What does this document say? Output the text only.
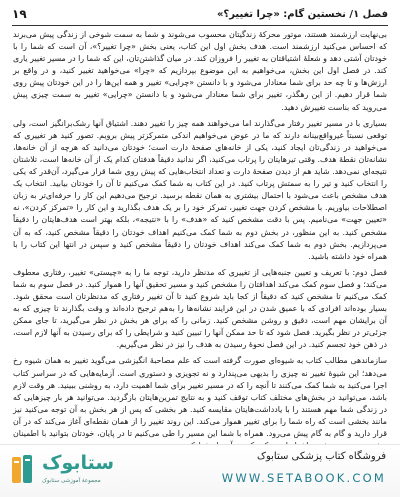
۱۹	فصل ۱/ نخستین گام: «چرا تغییر؟»

بی‌نهایت ارزشمند هستند، موتور محرکهٔ زندگیتان محسوب می‌شوند و شما به سمت شوخی از زندگی پیش می‌برند که احساس می‌کنید ارزشمند است. هدف بخش اول این کتاب، یعنی بخش «چرا تغییر؟»، آن است که شما را با خودتان آشتی دهد و شعلهٔ اشتیاقتان به تغییر را فروزان کند. در میان گذاشتن‌تان، این که شما را در مسیر تغییر یاری کند. در فصل اول این بخش، می‌خواهیم به این موضوع بپردازیم که «چرا» می‌خواهید تغییر کنید، و در واقع بر ارزش‌ها و تا چه حد برای شما معنادار می‌شود و با دانستن «چرایی» تغییر و همه این‌ها را در این خودتان پیش روی شما قرار دهیم. از این رهگذر، تغییر برای شما معنادار می‌شود و با دانستن «چرایی» تغییر به سمت چیزی پیش می‌روید که بناست تغییرش دهید.

بسیاری با در مسیر تغییر رفتار می‌گذارند اما می‌خواهند همه چیز را تغییر دهند. اشتیاق آنها رشک‌برانگیز است، ولی توقعی نسبتاً غیرواقع‌بینانه دارند که ما در عوض می‌خواهیم اندکی متمرکزتر پیش برویم. تصور کنید هر تغییری که می‌خواهید در زندگی‌تان ایجاد کنید، یکی از خانه‌های صفحهٔ دارت است؛ خودتان می‌دانید که هرچه از آن خانه‌ها، نشانه‌تان نقطهٔ هدف. وقتی تیرهایتان را پرتاب می‌کنید، اگر ندانید دقیقاً هدفتان کدام یک از آن خانه‌ها است، تلاشتان نتیجه‌ای نمی‌دهد. شاید هم از دیدن صفحهٔ دارت و تعداد انتخاب‌هایی که پیش روی شما قرار می‌گیرد، آن‌قدر که یکی را انتخاب کنید و تیر را به سمتش پرتاب کنید. در این کتاب به شما کمک می‌کنیم تا آن را خودتان بیابید. انتخاب یک هدف مشخص باعث می‌شود با احتمال بیشتری به همان نقطه برسید. ترجیح می‌دهیم این کار را حرفه‌ای‌تر به زبان اصطلاحات بیاوریم. با مشخص کردن جهت تغییر، تمرکز خود را بر یک هدف بگذارید و این کار را «تمرکز کردن»، نه «تعیین جهت» می‌نامیم. پس با دقت مشخص کنید که «هدف» را با «نتیجه»، بلکه بهتر است هدف‌هایتان را دقیقاً مشخص کنید. به این منظور، در بخش دوم به شما کمک می‌کنیم اهداف خودتان را دقیقاً مشخص کنید، که به آن می‌پردازیم. بخش دوم به شما کمک می‌کند اهداف خودتان را دقیقاً مشخص کنید و سپس در انتها این کتاب را با همراه خود داشته باشید.

فصل دوم: با تعریف و تعیین جنبه‌هایی از تغییری که مدنظر دارید، توجه ما را به «چیستی» تغییر، رفتاری معطوف می‌کند؛ و فصل سوم کمک می‌کند اهدافتان را مشخص کنید و مسیر تحقیق آنها را هموار کنید. در فصل سوم به شما کمک می‌کنیم تا مشخص کنید که دقیقاً از کجا باید شروع کنید تا آن تغییر رفتاری که مدنظرتان است محقق شود. بسیار بوده‌اند افرادی که با عمیق شدن در این فرایند نشانه‌ها را به‌هم ترجیح داده‌اند و وقت بگذارند تا چیزی که به آن برایشان مهم است، دقیق و روشن مشخص کنید. زمانی را که برای هر بخش در نظر می‌گیرید، تا جای ممکن جزئی‌تر در نظر بگیرید. فصل شود که تا حد ممکن آنها را تبیین کنید و شرایطی را که برای رسیدن به آنها لازم است، در ذهن خود تجسم کنید. در این فصل نحوهٔ رسیدن به هدف را نیز در نظر می‌گیریم.

سازماندهی مطالب کتاب به شیوه‌ای صورت گرفته است که علم مصاحبهٔ انگیزشی می‌گوید تغییر به همان شیوه رخ می‌دهد؛ این شیوهٔ تغییر نه چیزی را بدیهی می‌پندارد و نه تجویزی و دستوری است. آزمایه‌هایی که در سراسر کتاب اجرا می‌کنید به شما کمک می‌کنند تا آنچه را که در مسیر تغییر برای شما اهمیت دارد، به روشنی ببینید. هر وقت لازم باشد، می‌توانید در بخش‌های مختلف کتاب توقف کنید و به نتایج تمرین‌هایتان بازگردید. می‌توانید هر بار چیزهایی که در زندگی شما مهم هستند را با یادداشت‌هایتان مقایسه کنید. هر بخشی که پس از هر بخش به آن توجه می‌کنید نیز مانند بخشی است که راه شما را برای تغییر هموار می‌کند. این روند تغییر را از همان نقطه‌ای آغاز می‌کند که در آن قرار دارید و گام به گام پیش می‌رود. همراه با شما این مسیر را طی می‌کنیم تا در پایان، خودتان بتوانید با اطمینان

ستابوک
مجموعهٔ آموزشی ستابوک
فروشگاه کتاب پزشکی ستابوک
WWW.SETABOOK.COM
